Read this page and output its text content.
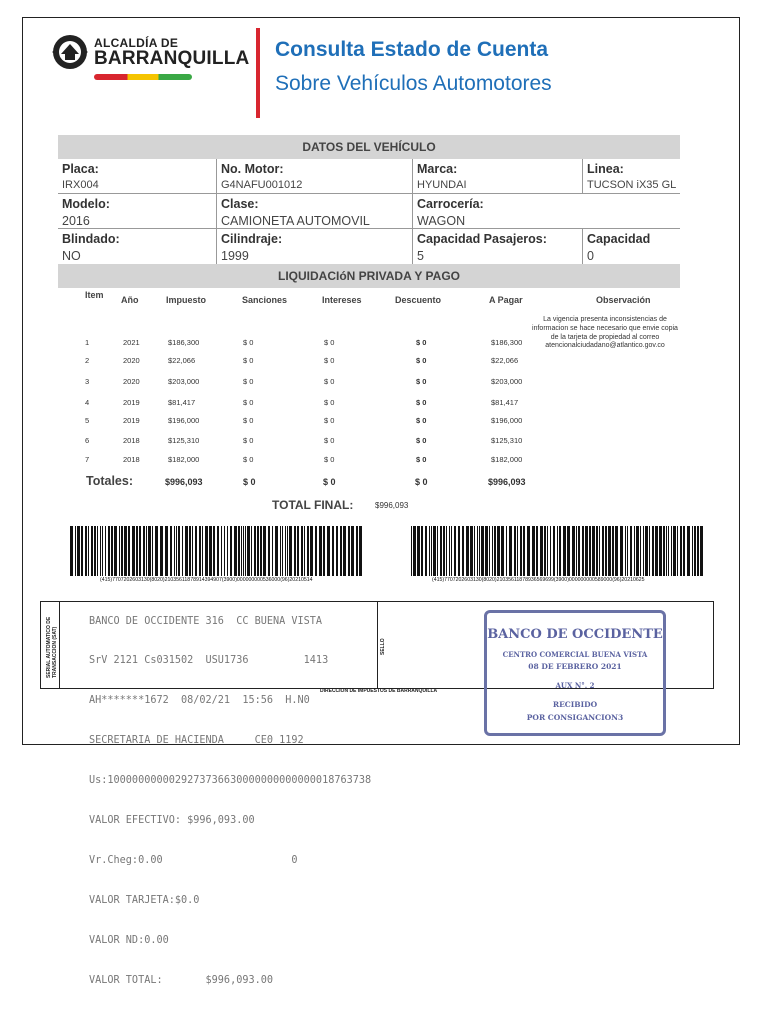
ALCALDÍA DE
BARRANQUILLA Consulta Estado de Cuenta
Sobre Vehículos Automotores
DATOS DEL VEHÍCULO
Placa:
IRX004
No. Motor:
G4NAFU001012
Marca:
HYUNDAI
Linea:
TUCSON iX35 GL
Modelo:
2016
Clase:
CAMIONETA AUTOMOVIL
Carrocería:
WAGON
Blindado:
NO
Cilindraje:
1999
Capacidad Pasajeros:
5
Capacidad
0
LIQUIDACIóN PRIVADA Y PAGO
Item Año	Impuesto	Sanciones	Intereses	Descuento	A Pagar	Observación
La vigencia presenta inconsistencias de informacion se hace necesario que envie copia de la tarjeta de propiedad al correo atencionalciudadano@atlantico.gov.co
1	2021	$186,300	$ 0	$ 0	$ 0	$186,300
2	2020	$22,066	$ 0	$ 0	$ 0	$22,066
3	2020	$203,000	$ 0	$ 0	$ 0	$203,000
4	2019	$81,417	$ 0	$ 0	$ 0	$81,417
5	2019	$196,000	$ 0	$ 0	$ 0	$196,000
6	2018	$125,310	$ 0	$ 0	$ 0	$125,310
7	2018	$182,000	$ 0	$ 0	$ 0	$182,000
Totales:	$996,093	$ 0	$ 0	$ 0	$996,093
TOTAL FINAL:	$996,093
(415)7707202603130(8020)21035611878914394907(3900)000000000536000(96)20210514	(415)7707202603130(8020)21035611878936569699(3900)000000000589000(96)20210625
SERIAL AUTOMATICO DE TRANSACCION (SAT)	SELLO
DIRECCION DE IMPUESTOS DE BARRANQUILLA

BANCO DE OCCIDENTE 316  CC BUENA VISTA

SrV 2121 Cs031502  USU1736         1413

AH*******1672  08/02/21  15:56  H.N0

SECRETARIA DE HACIENDA     CE0 1192

Us:1000000000029273736630000000000000018763738

VALOR EFECTIVO: $996,093.00

Vr.Cheg:0.00                     0

VALOR TARJETA:$0.0

VALOR ND:0.00

VALOR TOTAL:       $996,093.00

BANCO DE OCCIDENTE
CENTRO COMERCIAL BUENA VISTA
08 DE FEBRERO 2021
AUX N°. 2
RECIBIDO
POR CONSIGANCION3
